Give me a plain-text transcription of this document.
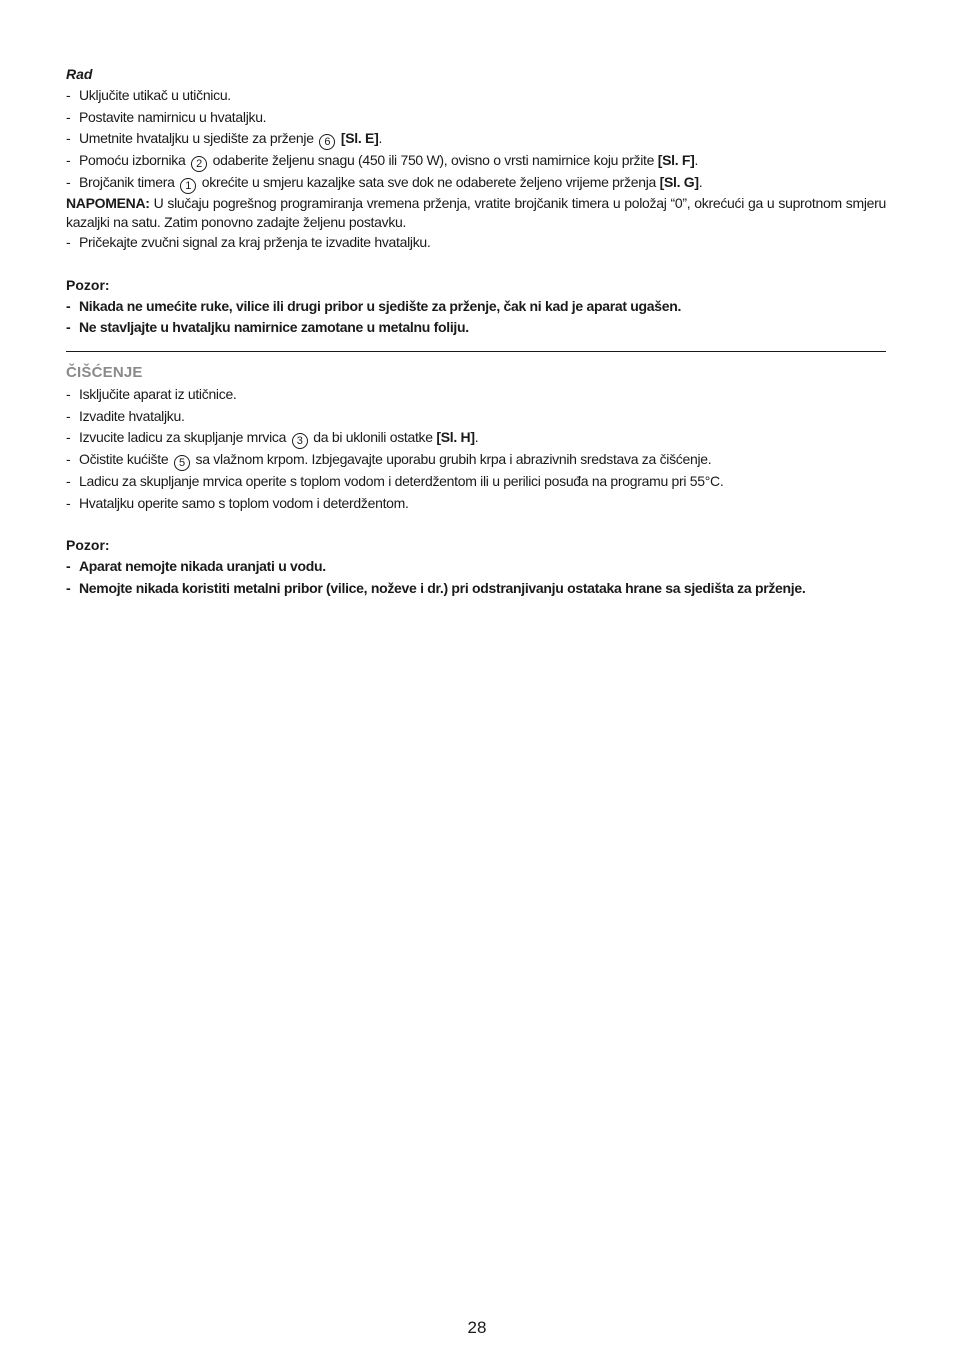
Rad
- Uključite utikač u utičnicu.
- Postavite namirnicu u hvataljku.
- Umetnite hvataljku u sjedište za prženje 6 [Sl. E].
- Pomoću izbornika 2 odaberite željenu snagu (450 ili 750 W), ovisno o vrsti namirnice koju pržite [Sl. F].
- Brojčanik timera 1 okrećite u smjeru kazaljke sata sve dok ne odaberete željeno vrijeme prženja [Sl. G].
NAPOMENA: U slučaju pogrešnog programiranja vremena prženja, vratite brojčanik timera u položaj “0”, okrećući ga u suprotnom smjeru kazaljki na satu. Zatim ponovno zadajte željenu postavku.
- Pričekajte zvučni signal za kraj prženja te izvadite hvataljku.
Pozor:
- Nikada ne umećite ruke, vilice ili drugi pribor u sjedište za prženje, čak ni kad je aparat ugašen.
- Ne stavljajte u hvataljku namirnice zamotane u metalnu foliju.
ČIŠĆENJE
- Isključite aparat iz utičnice.
- Izvadite hvataljku.
- Izvucite ladicu za skupljanje mrvica 3 da bi uklonili ostatke [Sl. H].
- Očistite kućište 5 sa vlažnom krpom. Izbjegavajte uporabu grubih krpa i abrazivnih sredstava za čišćenje.
- Ladicu za skupljanje mrvica operite s toplom vodom i deterdžentom ili u perilici posuđa na programu pri 55°C.
- Hvataljku operite samo s toplom vodom i deterdžentom.
Pozor:
- Aparat nemojte nikada uranjati u vodu.
- Nemojte nikada koristiti metalni pribor (vilice, noževe i dr.) pri odstranjivanju ostataka hrane sa sjedišta za prženje.
28
